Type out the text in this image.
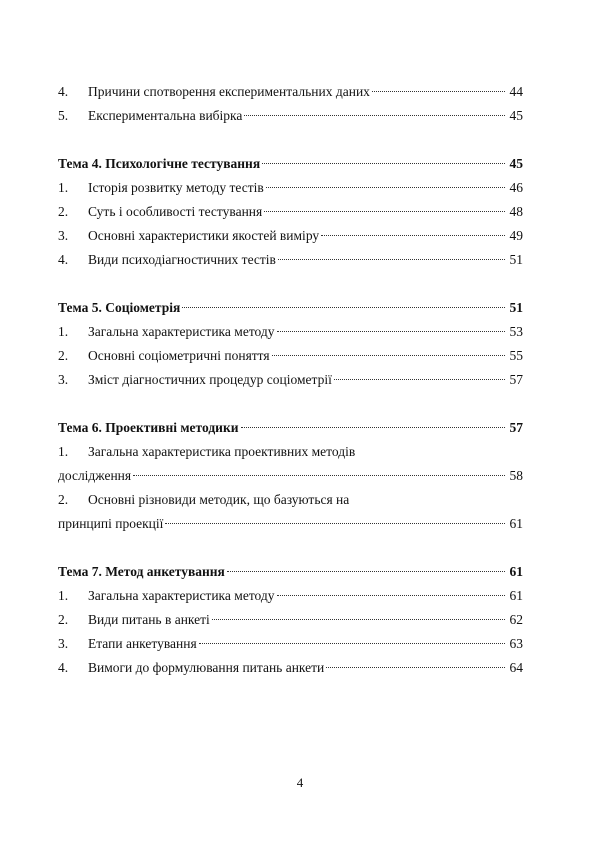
4.	Причини спотворення експериментальних даних	44
5.	Експериментальна вибірка	45
Тема 4. Психологічне тестування	45
1.	Історія розвитку методу тестів	46
2.	Суть і особливості тестування	48
3.	Основні характеристики якостей виміру	49
4.	Види психодіагностичних тестів	51
Тема 5. Соціометрія	51
1.	Загальна характеристика методу	53
2.	Основні соціометричні поняття	55
3.	Зміст діагностичних процедур соціометрії	57
Тема 6. Проективні методики	57
1.	Загальна характеристика проективних методів
дослідження	58
2.	Основні різновиди методик, що базуються на
принципі проекції	61
Тема 7. Метод анкетування	61
1.	Загальна характеристика методу	61
2.	Види питань в анкеті	62
3.	Етапи анкетування	63
4.	Вимоги до формулювання питань анкети	64
4
